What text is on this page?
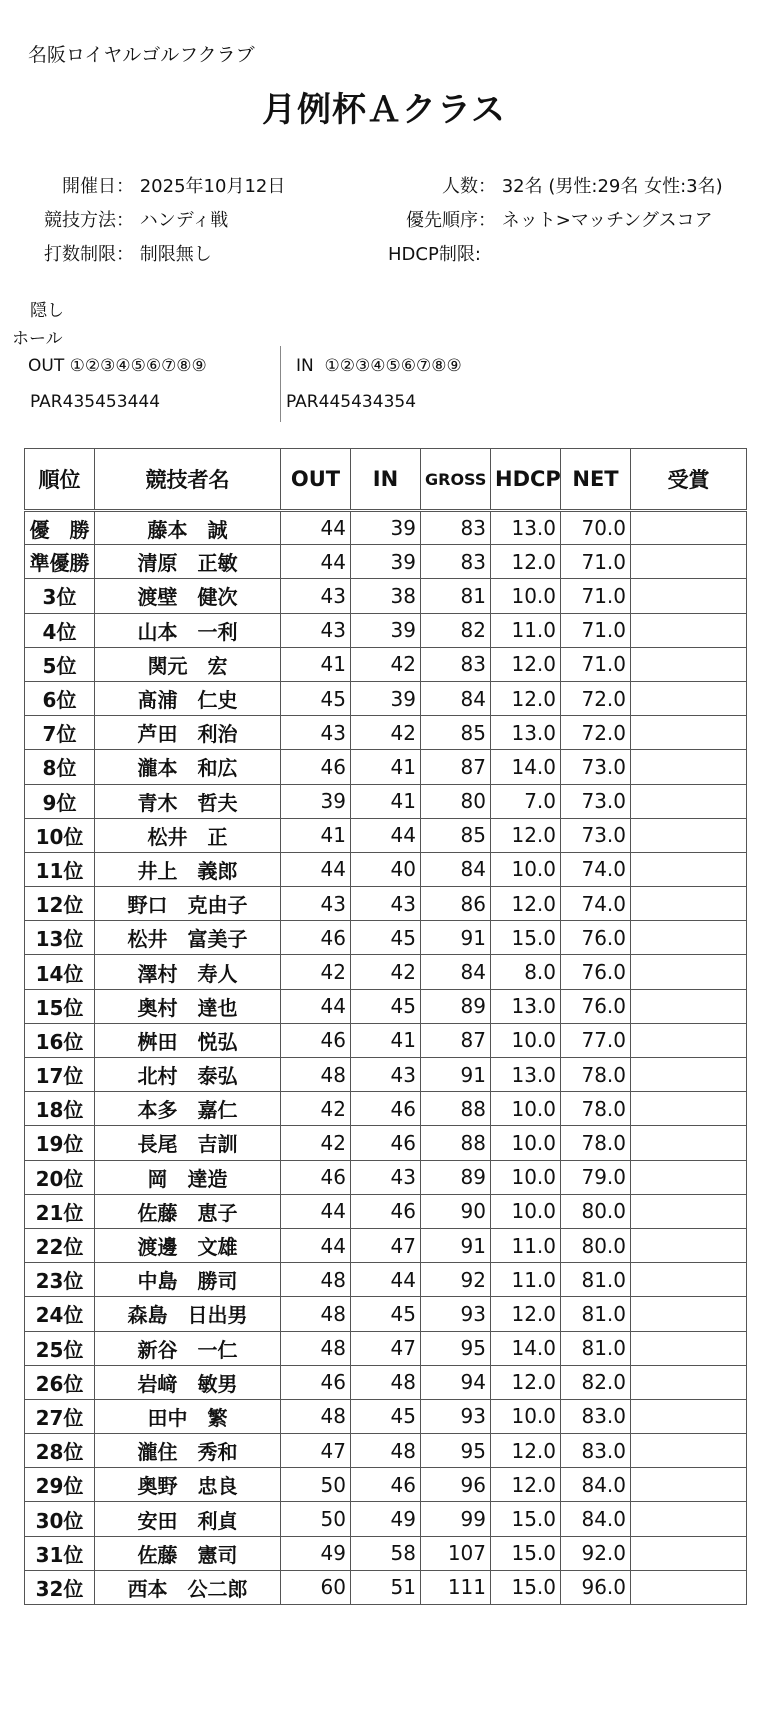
名阪ロイヤルゴルフクラブ
月例杯Ａクラス
開催日： 2025年10月12日	人数： 32名 (男性:29名 女性:3名)
競技方法： ハンディ戦	優先順序： ネット>マッチングスコア
打数制限： 制限無し	HDCP制限:
隠し
ホール
OUT ①②③④⑤⑥⑦⑧⑨	IN ①②③④⑤⑥⑦⑧⑨
PAR435453444	PAR445434354
順位	競技者名	OUT	IN	GROSS	HDCP	NET	受賞
優　勝	藤本　誠	44	39	83	13.0	70.0	
準優勝	清原　正敏	44	39	83	12.0	71.0	
3位	渡壁　健次	43	38	81	10.0	71.0	
4位	山本　一利	43	39	82	11.0	71.0	
5位	関元　宏	41	42	83	12.0	71.0	
6位	髙浦　仁史	45	39	84	12.0	72.0	
7位	芦田　利治	43	42	85	13.0	72.0	
8位	瀧本　和広	46	41	87	14.0	73.0	
9位	青木　哲夫	39	41	80	7.0	73.0	
10位	松井　正	41	44	85	12.0	73.0	
11位	井上　義郎	44	40	84	10.0	74.0	
12位	野口　克由子	43	43	86	12.0	74.0	
13位	松井　富美子	46	45	91	15.0	76.0	
14位	澤村　寿人	42	42	84	8.0	76.0	
15位	奥村　達也	44	45	89	13.0	76.0	
16位	桝田　悦弘	46	41	87	10.0	77.0	
17位	北村　泰弘	48	43	91	13.0	78.0	
18位	本多　嘉仁	42	46	88	10.0	78.0	
19位	長尾　吉訓	42	46	88	10.0	78.0	
20位	岡　達造	46	43	89	10.0	79.0	
21位	佐藤　恵子	44	46	90	10.0	80.0	
22位	渡邊　文雄	44	47	91	11.0	80.0	
23位	中島　勝司	48	44	92	11.0	81.0	
24位	森島　日出男	48	45	93	12.0	81.0	
25位	新谷　一仁	48	47	95	14.0	81.0	
26位	岩﨑　敏男	46	48	94	12.0	82.0	
27位	田中　繁	48	45	93	10.0	83.0	
28位	瀧住　秀和	47	48	95	12.0	83.0	
29位	奥野　忠良	50	46	96	12.0	84.0	
30位	安田　利貞	50	49	99	15.0	84.0	
31位	佐藤　憲司	49	58	107	15.0	92.0	
32位	西本　公二郎	60	51	111	15.0	96.0	
